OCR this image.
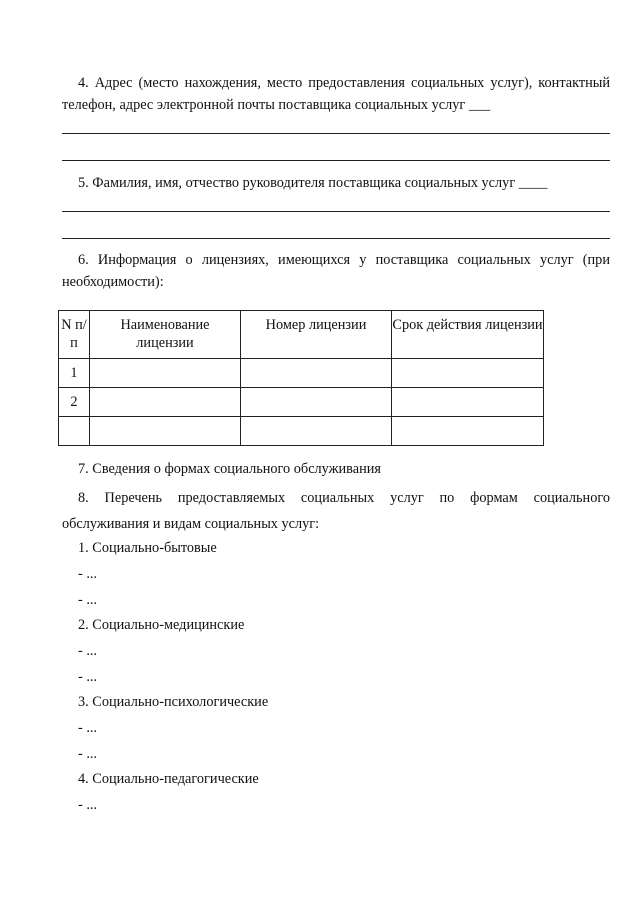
4. Адрес (место нахождения, место предоставления социальных услуг), контактный телефон, адрес электронной почты поставщика социальных услуг ___
5. Фамилия, имя, отчество руководителя поставщика социальных услуг ____
6. Информация о лицензиях, имеющихся у поставщика социальных услуг (при необходимости):
N п/п	Наименование лицензии	Номер лицензии	Срок действия лицензии
1			
2			

7. Сведения о формах социального обслуживания
8. Перечень предоставляемых социальных услуг по формам социального обслуживания и видам социальных услуг:
1. Социально-бытовые
- ...
- ...
2. Социально-медицинские
- ...
- ...
3. Социально-психологические
- ...
- ...
4. Социально-педагогические
- ...
